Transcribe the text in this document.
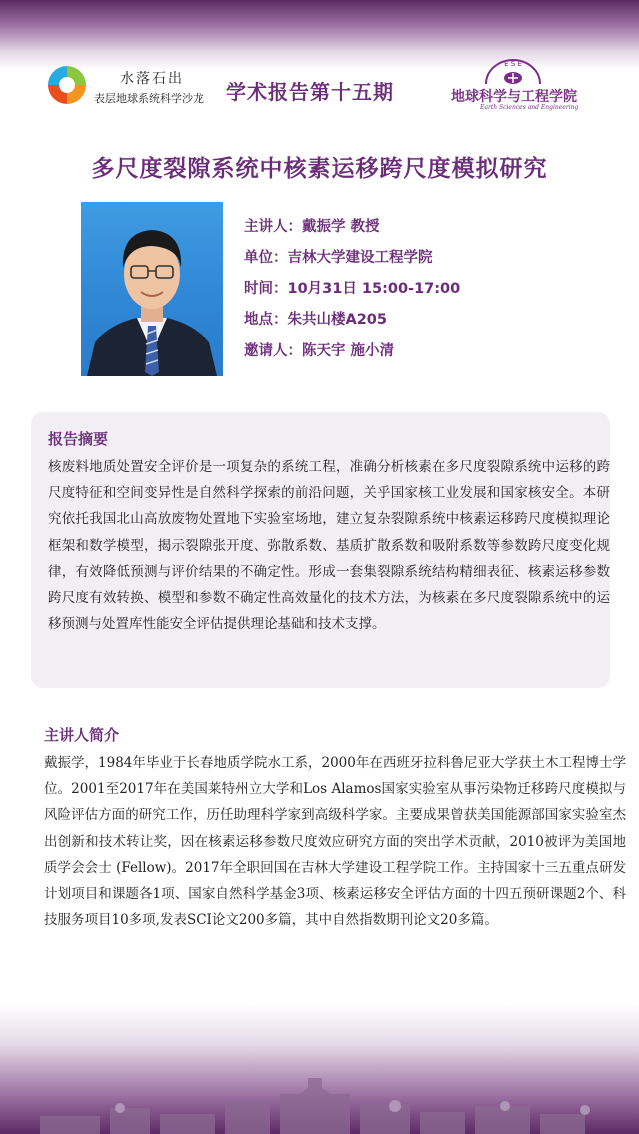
水落石出
表层地球系统科学沙龙 学术报告第十五期
E S E
地球科学与工程学院
Earth Sciences and Engineering
多尺度裂隙系统中核素运移跨尺度模拟研究
主讲人：戴振学 教授
单位：吉林大学建设工程学院
时间：10月31日 15:00-17:00
地点：朱共山楼A205
邀请人：陈天宇 施小清
报告摘要
核废料地质处置安全评价是一项复杂的系统工程，准确分析核素在多尺度裂隙系统中运移的跨尺度特征和空间变异性是自然科学探索的前沿问题，关乎国家核工业发展和国家核安全。本研究依托我国北山高放废物处置地下实验室场地，建立复杂裂隙系统中核素运移跨尺度模拟理论框架和数学模型，揭示裂隙张开度、弥散系数、基质扩散系数和吸附系数等参数跨尺度变化规律，有效降低预测与评价结果的不确定性。形成一套集裂隙系统结构精细表征、核素运移参数跨尺度有效转换、模型和参数不确定性高效量化的技术方法，为核素在多尺度裂隙系统中的运移预测与处置库性能安全评估提供理论基础和技术支撑。
主讲人简介
戴振学，1984年毕业于长春地质学院水工系，2000年在西班牙拉科鲁尼亚大学获土木工程博士学位。2001至2017年在美国莱特州立大学和Los Alamos国家实验室从事污染物迁移跨尺度模拟与风险评估方面的研究工作，历任助理科学家到高级科学家。主要成果曾获美国能源部国家实验室杰出创新和技术转让奖，因在核素运移参数尺度效应研究方面的突出学术贡献，2010被评为美国地质学会会士 (Fellow)。2017年全职回国在吉林大学建设工程学院工作。主持国家十三五重点研发计划项目和课题各1项、国家自然科学基金3项、核素运移安全评估方面的十四五预研课题2个、科技服务项目10多项,发表SCI论文200多篇，其中自然指数期刊论文20多篇。
